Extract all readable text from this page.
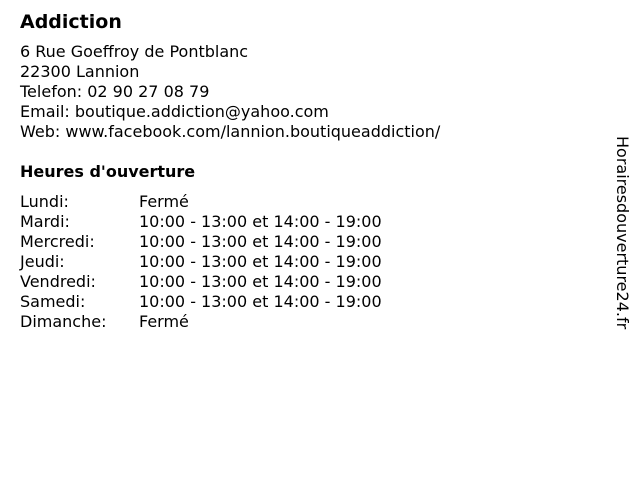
Addiction
6 Rue Goeffroy de Pontblanc
22300 Lannion
Telefon: 02 90 27 08 79
Email: boutique.addiction@yahoo.com
Web: www.facebook.com/lannion.boutiqueaddiction/
Heures d'ouverture
Lundi:	Fermé
Mardi:	10:00 - 13:00 et 14:00 - 19:00
Mercredi:	10:00 - 13:00 et 14:00 - 19:00
Jeudi:	10:00 - 13:00 et 14:00 - 19:00
Vendredi:	10:00 - 13:00 et 14:00 - 19:00
Samedi:	10:00 - 13:00 et 14:00 - 19:00
Dimanche:	Fermé	Horairesdouverture24.fr
